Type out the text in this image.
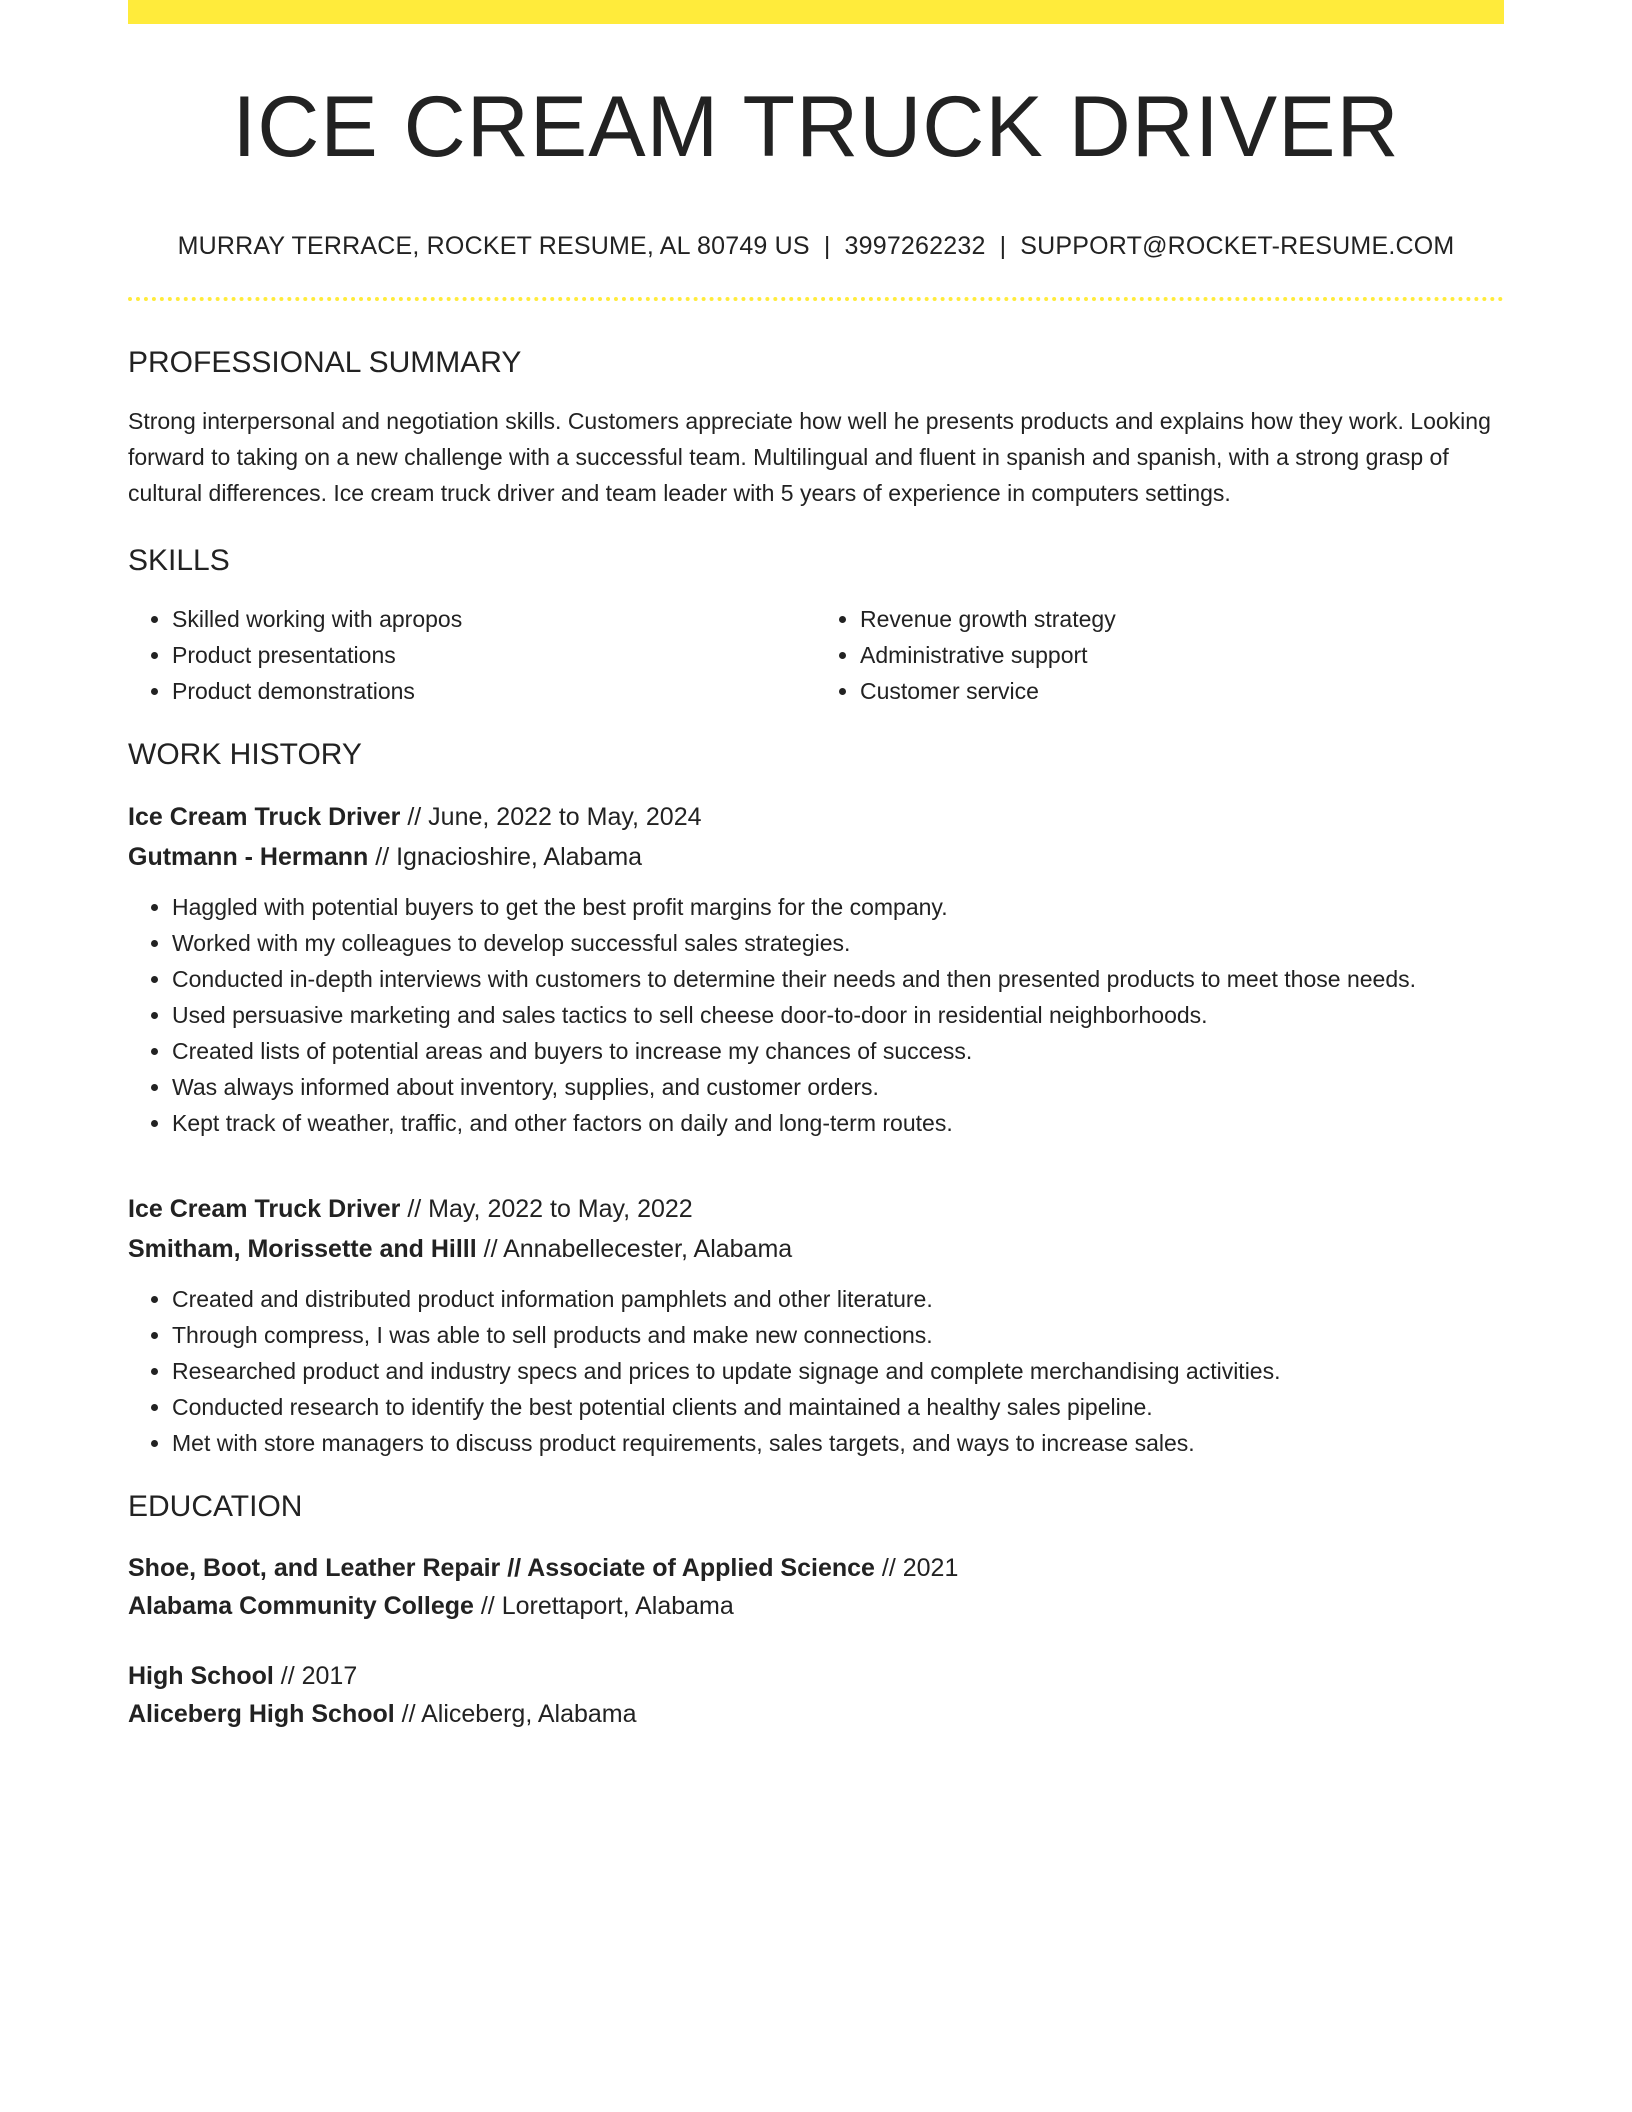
ICE CREAM TRUCK DRIVER
MURRAY TERRACE, ROCKET RESUME, AL 80749 US | 3997262232 | SUPPORT@ROCKET-RESUME.COM
PROFESSIONAL SUMMARY
Strong interpersonal and negotiation skills. Customers appreciate how well he presents products and explains how they work. Looking forward to taking on a new challenge with a successful team. Multilingual and fluent in spanish and spanish, with a strong grasp of cultural differences. Ice cream truck driver and team leader with 5 years of experience in computers settings.
SKILLS
• Skilled working with apropos
• Product presentations
• Product demonstrations
• Revenue growth strategy
• Administrative support
• Customer service
WORK HISTORY
Ice Cream Truck Driver // June, 2022 to May, 2024
Gutmann - Hermann // Ignacioshire, Alabama
• Haggled with potential buyers to get the best profit margins for the company.
• Worked with my colleagues to develop successful sales strategies.
• Conducted in-depth interviews with customers to determine their needs and then presented products to meet those needs.
• Used persuasive marketing and sales tactics to sell cheese door-to-door in residential neighborhoods.
• Created lists of potential areas and buyers to increase my chances of success.
• Was always informed about inventory, supplies, and customer orders.
• Kept track of weather, traffic, and other factors on daily and long-term routes.
Ice Cream Truck Driver // May, 2022 to May, 2022
Smitham, Morissette and Hilll // Annabellecester, Alabama
• Created and distributed product information pamphlets and other literature.
• Through compress, I was able to sell products and make new connections.
• Researched product and industry specs and prices to update signage and complete merchandising activities.
• Conducted research to identify the best potential clients and maintained a healthy sales pipeline.
• Met with store managers to discuss product requirements, sales targets, and ways to increase sales.
EDUCATION
Shoe, Boot, and Leather Repair // Associate of Applied Science // 2021
Alabama Community College // Lorettaport, Alabama
High School // 2017
Aliceberg High School // Aliceberg, Alabama
